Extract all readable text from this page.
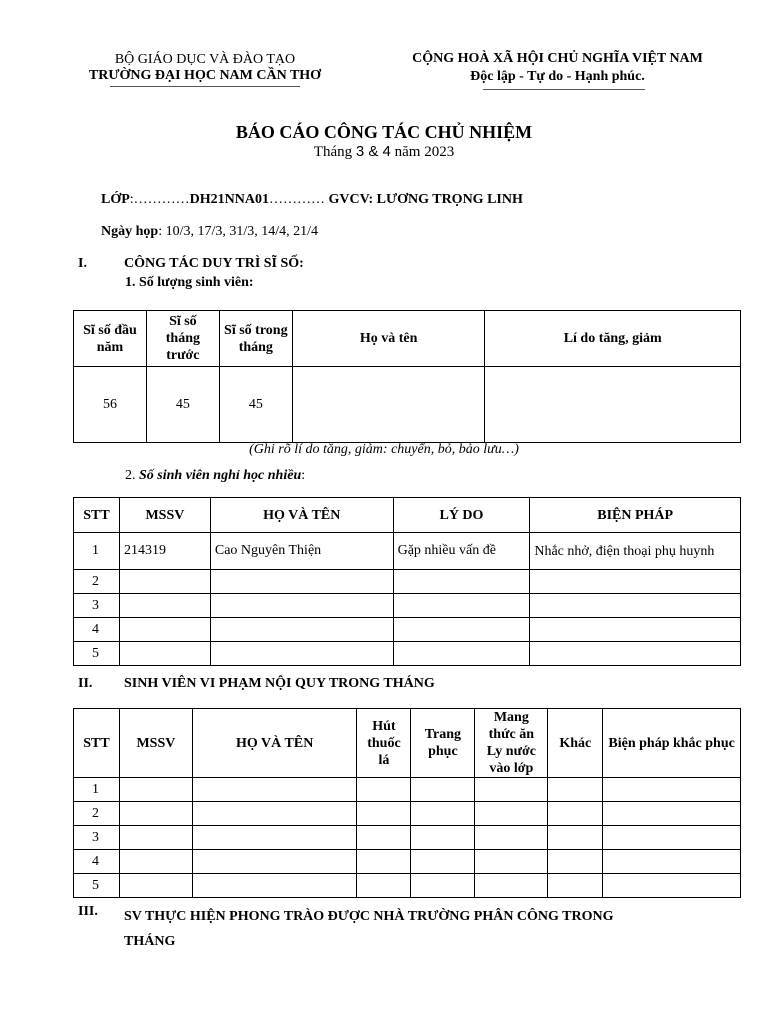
BỘ GIÁO DỤC VÀ ĐÀO TẠO
TRƯỜNG ĐẠI HỌC NAM CẦN THƠ
CỘNG HOÀ XÃ HỘI CHỦ NGHĨA VIỆT NAM
Độc lập - Tự do - Hạnh phúc.
BÁO CÁO CÔNG TÁC CHỦ NHIỆM
Tháng 3 & 4 năm 2023
LỚP:…………DH21NNA01………… GVCV: LƯƠNG TRỌNG LINH
Ngày họp: 10/3, 17/3, 31/3, 14/4, 21/4
I.	CÔNG TÁC DUY TRÌ SĨ SỐ:
1. Số lượng sinh viên:
Sĩ số đầu năm	Sĩ số tháng trước	Sĩ số trong tháng	Họ và tên	Lí do tăng, giảm
56	45	45		
(Ghi rõ lí do tăng, giảm: chuyển, bỏ, bảo lưu…)
2. Số sinh viên nghỉ học nhiều:
STT	MSSV	HỌ VÀ TÊN	LÝ DO	BIỆN PHÁP
1	214319	Cao Nguyên Thiện	Gặp nhiều vấn đề	Nhắc nhở, điện thoại phụ huynh
2				
3				
4				
5				
II. SINH VIÊN VI PHẠM NỘI QUY TRONG THÁNG
STT	MSSV	HỌ VÀ TÊN	Hút thuốc lá	Trang phục	Mang thức ăn Ly nước vào lớp	Khác	Biện pháp khắc phục
1							
2							
3							
4							
5							
III. SV THỰC HIỆN PHONG TRÀO ĐƯỢC NHÀ TRƯỜNG PHÂN CÔNG TRONG
THÁNG
